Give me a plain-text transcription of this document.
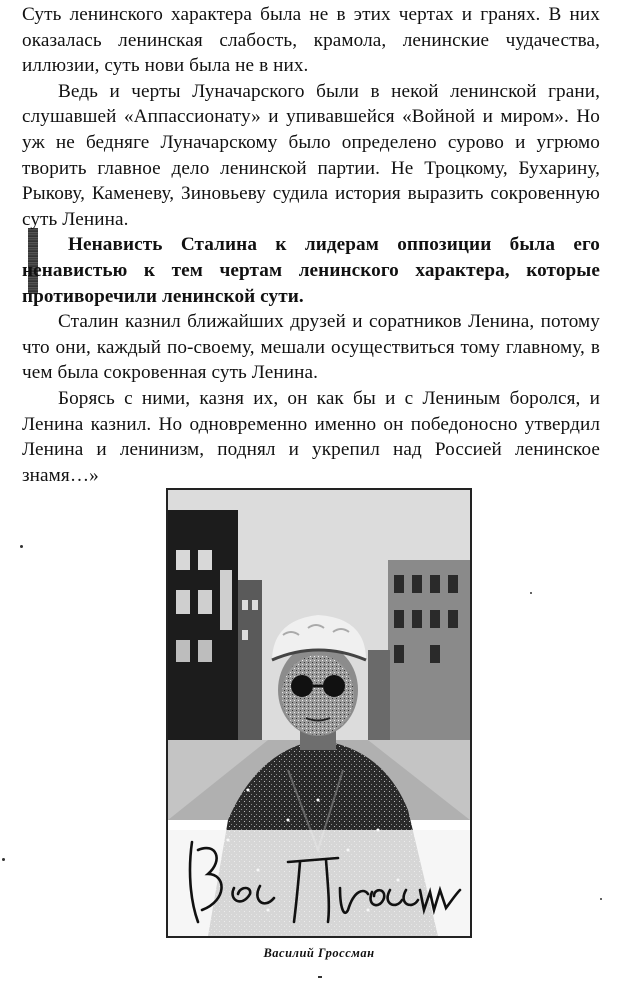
Суть ленинского характера была не в этих чертах и гранях. В них оказалась ленинская слабость, крамола, ленинские чудачества, иллюзии, суть нови была не в них.

Ведь и черты Луначарского были в некой ленинской грани, слушавшей «Аппассионату» и упивавшейся «Войной и миром». Но уж не бедняге Луначарскому было определено сурово и угрюмо творить главное дело ленинской партии. Не Троцкому, Бухарину, Рыкову, Каменеву, Зиновьеву судила история выразить сокровенную суть Ленина.

Ненависть Сталина к лидерам оппозиции была его ненавистью к тем чертам ленинского характера, которые противоречили ленинской сути.

Сталин казнил ближайших друзей и соратников Ленина, потому что они, каждый по-своему, мешали осуществиться тому главному, в чем была сокровенная суть Ленина.

Борясь с ними, казня их, он как бы и с Лениным боролся, и Ленина казнил. Но одновременно именно он победоносно утвердил Ленина и ленинизм, поднял и укрепил над Россией ленинское знамя…»

Василий Гроссман
